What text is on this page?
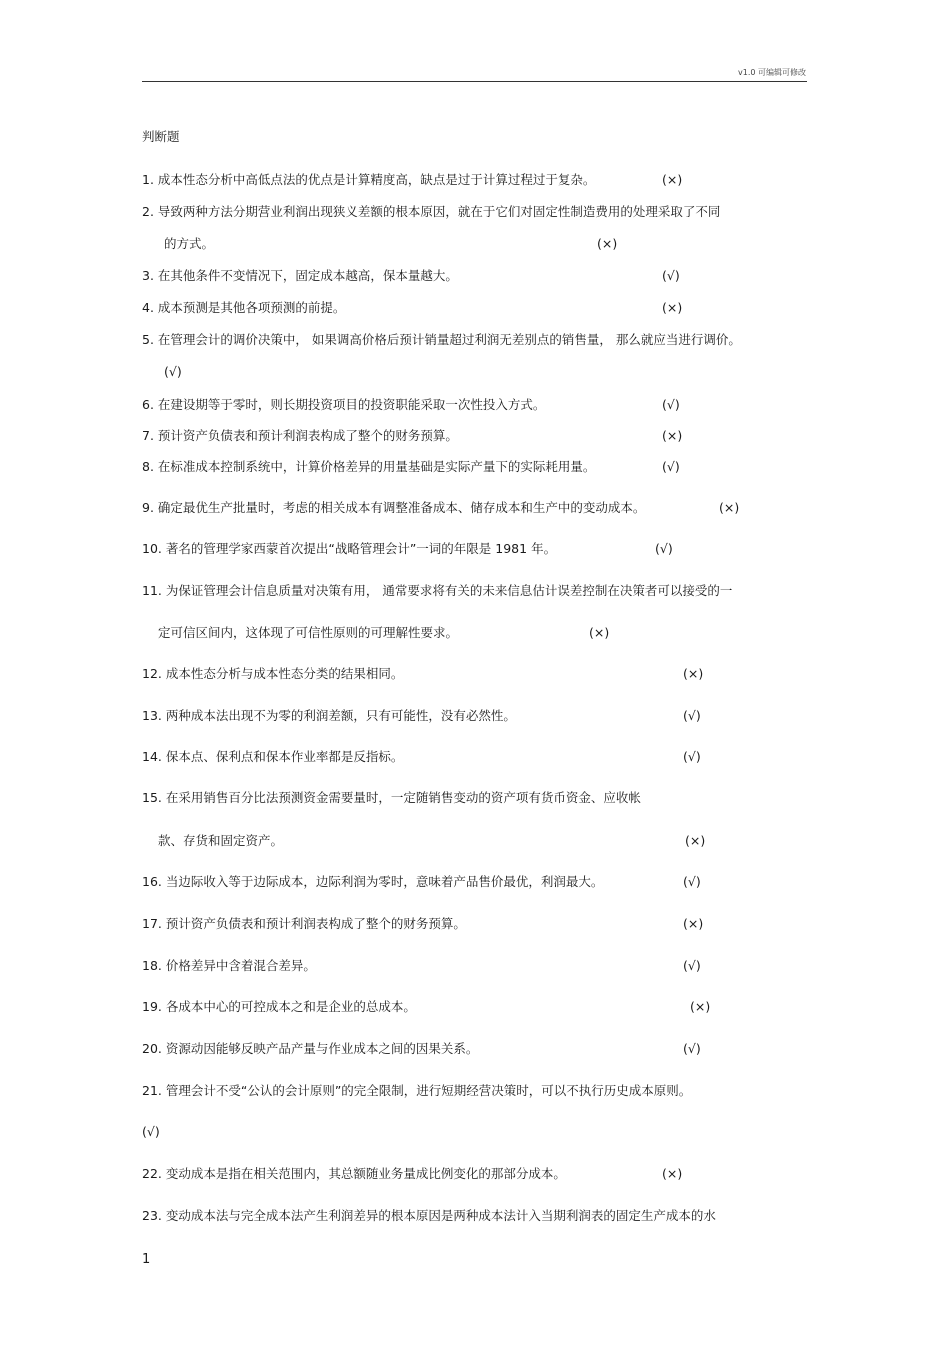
v1.0 可编辑可修改
判断题
1. 成本性态分析中高低点法的优点是计算精度高，缺点是过于计算过程过于复杂。	(×)
2. 导致两种方法分期营业利润出现狭义差额的根本原因，就在于它们对固定性制造费用的处理采取了不同
的方式。	(×)
3. 在其他条件不变情况下，固定成本越高，保本量越大。	(√)
4. 成本预测是其他各项预测的前提。	(×)
5. 在管理会计的调价决策中， 如果调高价格后预计销量超过利润无差别点的销售量， 那么就应当进行调价。
(√)
6. 在建设期等于零时，则长期投资项目的投资职能采取一次性投入方式。	(√)
7. 预计资产负债表和预计利润表构成了整个的财务预算。	(×)
8. 在标准成本控制系统中，计算价格差异的用量基础是实际产量下的实际耗用量。	(√)
9. 确定最优生产批量时，考虑的相关成本有调整准备成本、储存成本和生产中的变动成本。	(×)
10. 著名的管理学家西蒙首次提出“战略管理会计”一词的年限是 1981 年。	(√)
11. 为保证管理会计信息质量对决策有用， 通常要求将有关的未来信息估计误差控制在决策者可以接受的一
定可信区间内，这体现了可信性原则的可理解性要求。	(×)
12. 成本性态分析与成本性态分类的结果相同。	(×)
13. 两种成本法出现不为零的利润差额，只有可能性，没有必然性。	(√)
14. 保本点、保利点和保本作业率都是反指标。	(√)
15. 在采用销售百分比法预测资金需要量时，一定随销售变动的资产项有货币资金、应收帐
款、存货和固定资产。	(×)
16. 当边际收入等于边际成本，边际利润为零时，意味着产品售价最优，利润最大。	(√)
17. 预计资产负债表和预计利润表构成了整个的财务预算。	(×)
18. 价格差异中含着混合差异。	(√)
19. 各成本中心的可控成本之和是企业的总成本。	(×)
20. 资源动因能够反映产品产量与作业成本之间的因果关系。	(√)
21. 管理会计不受“公认的会计原则”的完全限制，进行短期经营决策时，可以不执行历史成本原则。
(√)
22. 变动成本是指在相关范围内，其总额随业务量成比例变化的那部分成本。	(×)
23. 变动成本法与完全成本法产生利润差异的根本原因是两种成本法计入当期利润表的固定生产成本的水
1
